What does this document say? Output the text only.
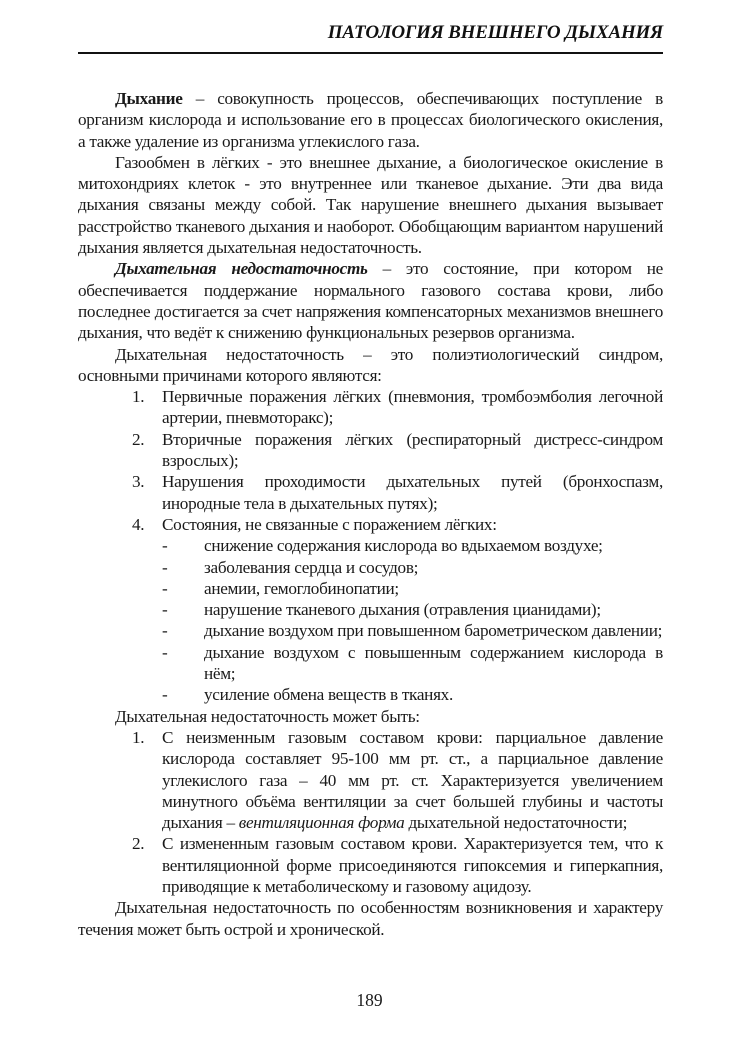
ПАТОЛОГИЯ ВНЕШНЕГО ДЫХАНИЯ

Дыхание – совокупность процессов, обеспечивающих поступление в организм кислорода и использование его в процессах биологического окисления, а также удаление из организма углекислого газа.

Газообмен в лёгких - это внешнее дыхание, а биологическое окисление в митохондриях клеток - это внутреннее или тканевое дыхание. Эти два вида дыхания связаны между собой. Так нарушение внешнего дыхания вызывает расстройство тканевого дыхания и наоборот. Обобщающим вариантом нарушений дыхания является дыхательная недостаточность.

Дыхательная недостаточность – это состояние, при котором не обеспечивается поддержание нормального газового состава крови, либо последнее достигается за счет напряжения компенсаторных механизмов внешнего дыхания, что ведёт к снижению функциональных резервов организма.

Дыхательная недостаточность – это полиэтиологический синдром, основными причинами которого являются:

1.	Первичные поражения лёгких (пневмония, тромбоэмболия легочной артерии, пневмоторакс);
2.	Вторичные поражения лёгких (респираторный дистресс-синдром взрослых);
3.	Нарушения проходимости дыхательных путей (бронхоспазм, инородные тела в дыхательных путях);
4.	Состояния, не связанные с поражением лёгких:
-	снижение содержания кислорода во вдыхаемом воздухе;
-	заболевания сердца и сосудов;
-	анемии, гемоглобинопатии;
-	нарушение тканевого дыхания (отравления цианидами);
-	дыхание воздухом при повышенном барометрическом давлении;
-	дыхание воздухом с повышенным содержанием кислорода в нём;
-	усиление обмена веществ в тканях.

Дыхательная недостаточность может быть:

1.	С неизменным газовым составом крови: парциальное давление кислорода составляет 95-100 мм рт. ст., а парциальное давление углекислого газа – 40 мм рт. ст. Характеризуется увеличением минутного объёма вентиляции за счет большей глубины и частоты дыхания – вентиляционная форма дыхательной недостаточности;
2.	С измененным газовым составом крови. Характеризуется тем, что к вентиляционной форме присоединяются гипоксемия и гиперкапния, приводящие к метаболическому и газовому ацидозу.

Дыхательная недостаточность по особенностям возникновения и характеру течения может быть острой и хронической.

189
